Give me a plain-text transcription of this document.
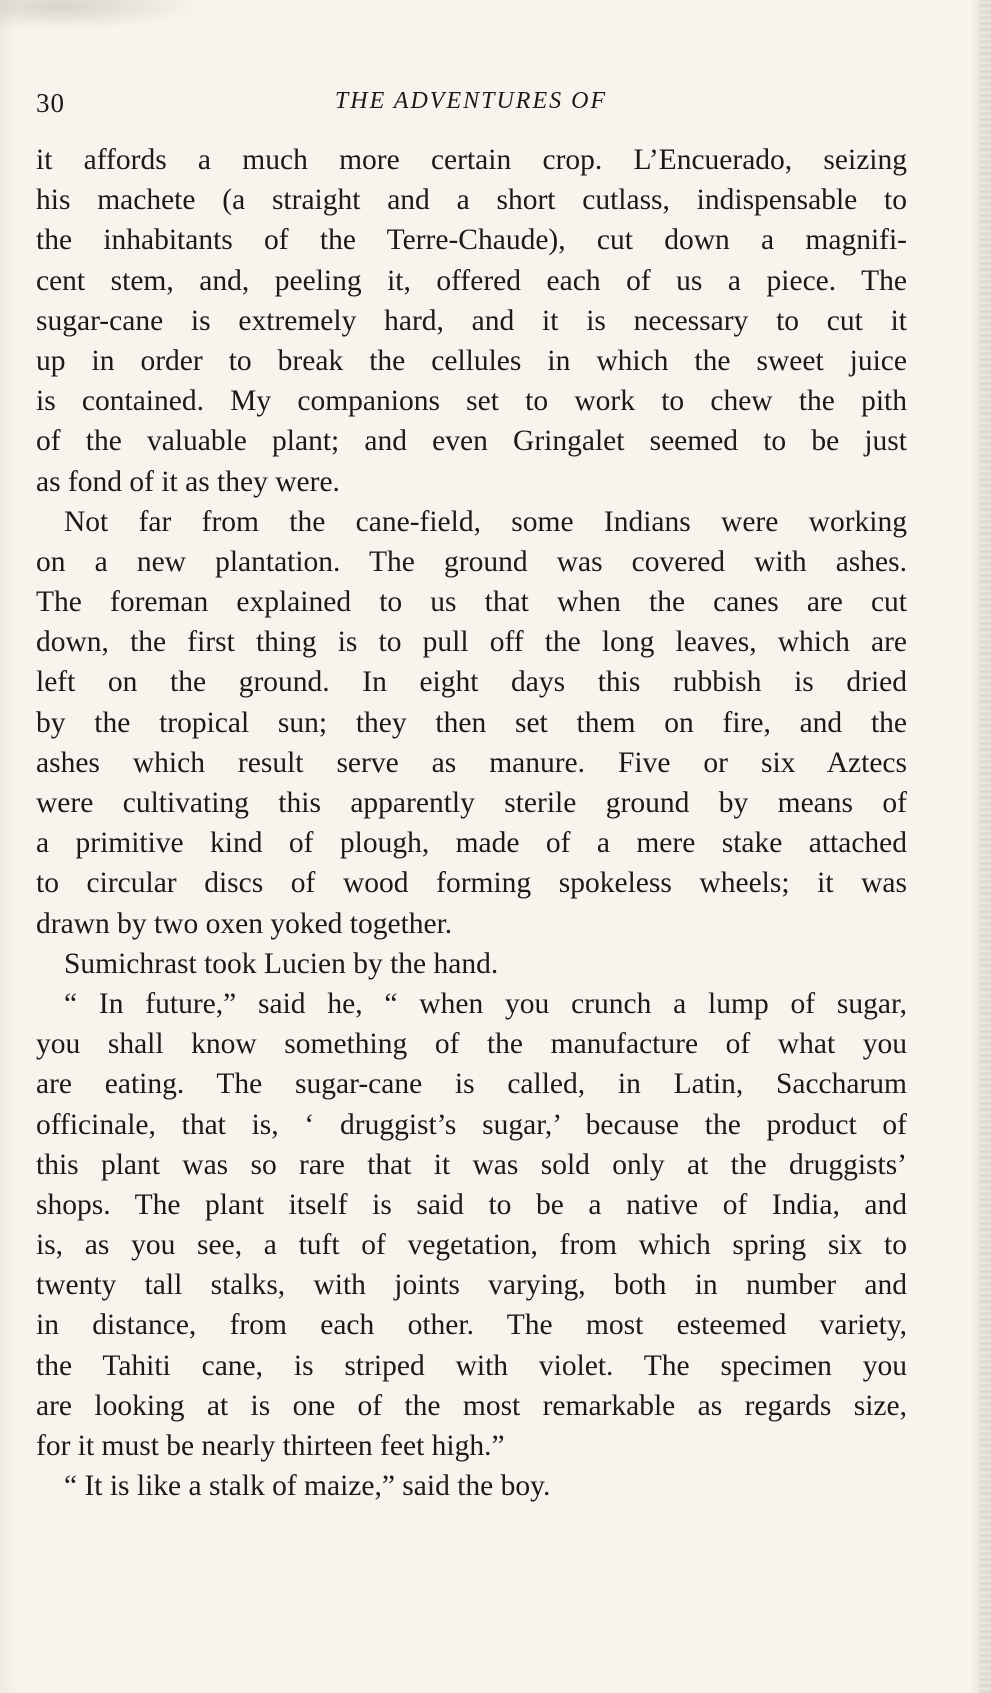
30	THE ADVENTURES OF
it affords a much more certain crop. L’Encuerado, seizing
his machete (a straight and a short cutlass, indispensable to
the inhabitants of the Terre-Chaude), cut down a magnifi-
cent stem, and, peeling it, offered each of us a piece. The
sugar-cane is extremely hard, and it is necessary to cut it
up in order to break the cellules in which the sweet juice
is contained. My companions set to work to chew the pith
of the valuable plant; and even Gringalet seemed to be just
as fond of it as they were.
Not far from the cane-field, some Indians were working
on a new plantation. The ground was covered with ashes.
The foreman explained to us that when the canes are cut
down, the first thing is to pull off the long leaves, which are
left on the ground. In eight days this rubbish is dried
by the tropical sun; they then set them on fire, and the
ashes which result serve as manure. Five or six Aztecs
were cultivating this apparently sterile ground by means of
a primitive kind of plough, made of a mere stake attached
to circular discs of wood forming spokeless wheels; it was
drawn by two oxen yoked together.
Sumichrast took Lucien by the hand.
“ In future,” said he, “ when you crunch a lump of sugar,
you shall know something of the manufacture of what you
are eating. The sugar-cane is called, in Latin, Saccharum
officinale, that is, ‘ druggist’s sugar,’ because the product of
this plant was so rare that it was sold only at the druggists’
shops. The plant itself is said to be a native of India, and
is, as you see, a tuft of vegetation, from which spring six to
twenty tall stalks, with joints varying, both in number and
in distance, from each other. The most esteemed variety,
the Tahiti cane, is striped with violet. The specimen you
are looking at is one of the most remarkable as regards size,
for it must be nearly thirteen feet high.”
“ It is like a stalk of maize,” said the boy.
